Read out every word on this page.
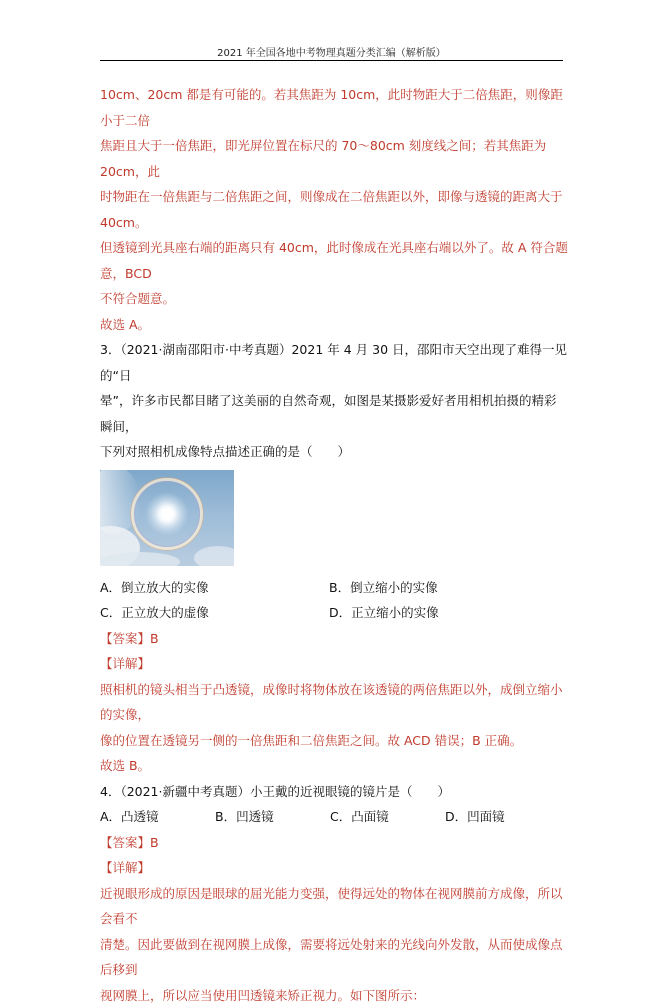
2021 年全国各地中考物理真题分类汇编（解析版）

10cm、20cm 都是有可能的。若其焦距为 10cm，此时物距大于二倍焦距，则像距小于二倍

焦距且大于一倍焦距，即光屏位置在标尺的 70～80cm 刻度线之间；若其焦距为 20cm，此

时物距在一倍焦距与二倍焦距之间，则像成在二倍焦距以外，即像与透镜的距离大于 40cm。

但透镜到光具座右端的距离只有 40cm，此时像成在光具座右端以外了。故 A 符合题意，BCD

不符合题意。

故选 A。

3．（2021·湖南邵阳市·中考真题）2021 年 4 月 30 日，邵阳市天空出现了难得一见的“日

晕”，许多市民都目睹了这美丽的自然奇观，如图是某摄影爱好者用相机拍摄的精彩瞬间，

下列对照相机成像特点描述正确的是（　　）

A．倒立放大的实像	B．倒立缩小的实像
C．正立放大的虚像	D．正立缩小的实像

【答案】B

【详解】

照相机的镜头相当于凸透镜，成像时将物体放在该透镜的两倍焦距以外，成倒立缩小的实像，

像的位置在透镜另一侧的一倍焦距和二倍焦距之间。故 ACD 错误；B 正确。

故选 B。

4．（2021·新疆中考真题）小王戴的近视眼镜的镜片是（　　）

A．凸透镜	B．凹透镜	C．凸面镜	D．凹面镜

【答案】B

【详解】

近视眼形成的原因是眼球的屈光能力变强，使得远处的物体在视网膜前方成像，所以会看不

清楚。因此要做到在视网膜上成像，需要将远处射来的光线向外发散，从而使成像点后移到

视网膜上，所以应当使用凹透镜来矫正视力。如下图所示：
